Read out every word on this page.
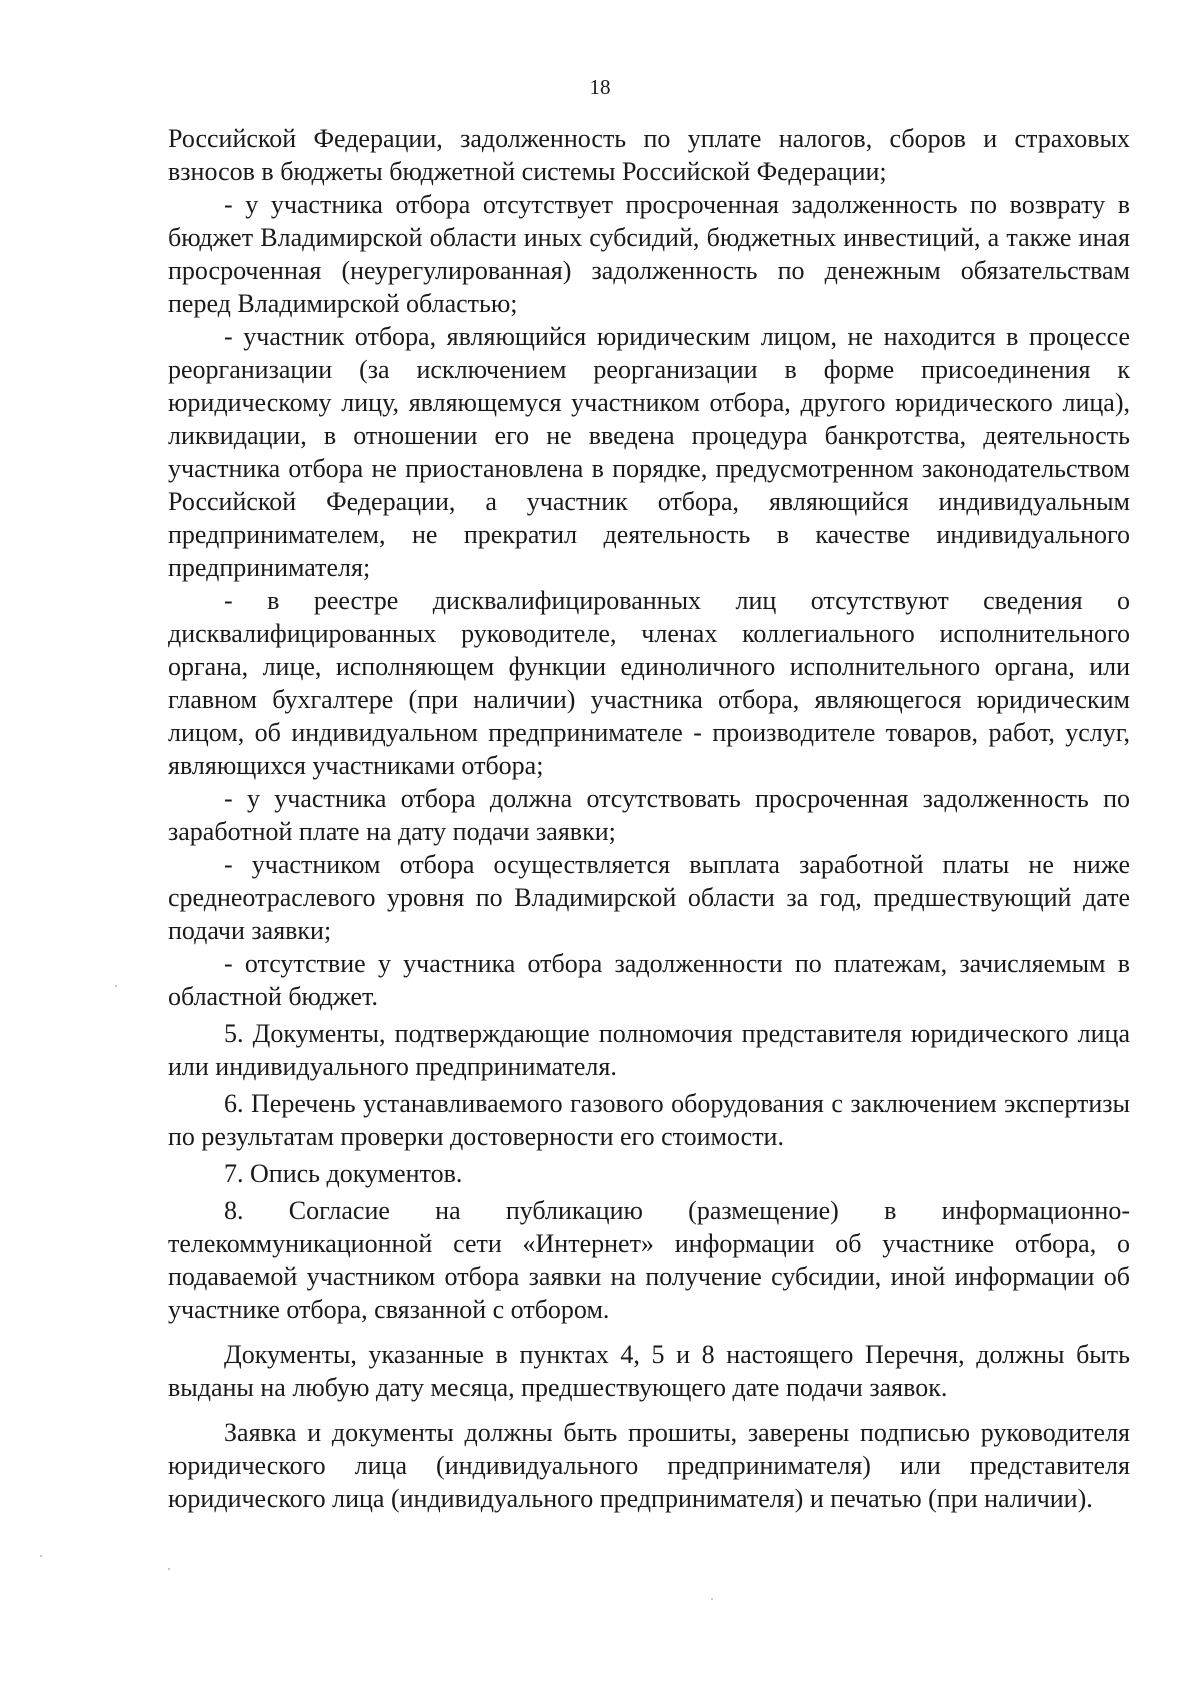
18

Российской Федерации, задолженность по уплате налогов, сборов и страховых взносов в бюджеты бюджетной системы Российской Федерации;

- у участника отбора отсутствует просроченная задолженность по возврату в бюджет Владимирской области иных субсидий, бюджетных инвестиций, а также иная просроченная (неурегулированная) задолженность по денежным обязательствам перед Владимирской областью;

- участник отбора, являющийся юридическим лицом, не находится в процессе реорганизации (за исключением реорганизации в форме присоединения к юридическому лицу, являющемуся участником отбора, другого юридического лица), ликвидации, в отношении его не введена процедура банкротства, деятельность участника отбора не приостановлена в порядке, предусмотренном законодательством Российской Федерации, а участник отбора, являющийся индивидуальным предпринимателем, не прекратил деятельность в качестве индивидуального предпринимателя;

- в реестре дисквалифицированных лиц отсутствуют сведения о дисквалифицированных руководителе, членах коллегиального исполнительного органа, лице, исполняющем функции единоличного исполнительного органа, или главном бухгалтере (при наличии) участника отбора, являющегося юридическим лицом, об индивидуальном предпринимателе - производителе товаров, работ, услуг, являющихся участниками отбора;

- у участника отбора должна отсутствовать просроченная задолженность по заработной плате на дату подачи заявки;

- участником отбора осуществляется выплата заработной платы не ниже среднеотраслевого уровня по Владимирской области за год, предшествующий дате подачи заявки;

- отсутствие у участника отбора задолженности по платежам, зачисляемым в областной бюджет.

5. Документы, подтверждающие полномочия представителя юридического лица или индивидуального предпринимателя.

6. Перечень устанавливаемого газового оборудования с заключением экспертизы по результатам проверки достоверности его стоимости.

7. Опись документов.

8. Согласие на публикацию (размещение) в информационно-телекоммуникационной сети «Интернет» информации об участнике отбора, о подаваемой участником отбора заявки на получение субсидии, иной информации об участнике отбора, связанной с отбором.

Документы, указанные в пунктах 4, 5 и 8 настоящего Перечня, должны быть выданы на любую дату месяца, предшествующего дате подачи заявок.

Заявка и документы должны быть прошиты, заверены подписью руководителя юридического лица (индивидуального предпринимателя) или представителя юридического лица (индивидуального предпринимателя) и печатью (при наличии).
